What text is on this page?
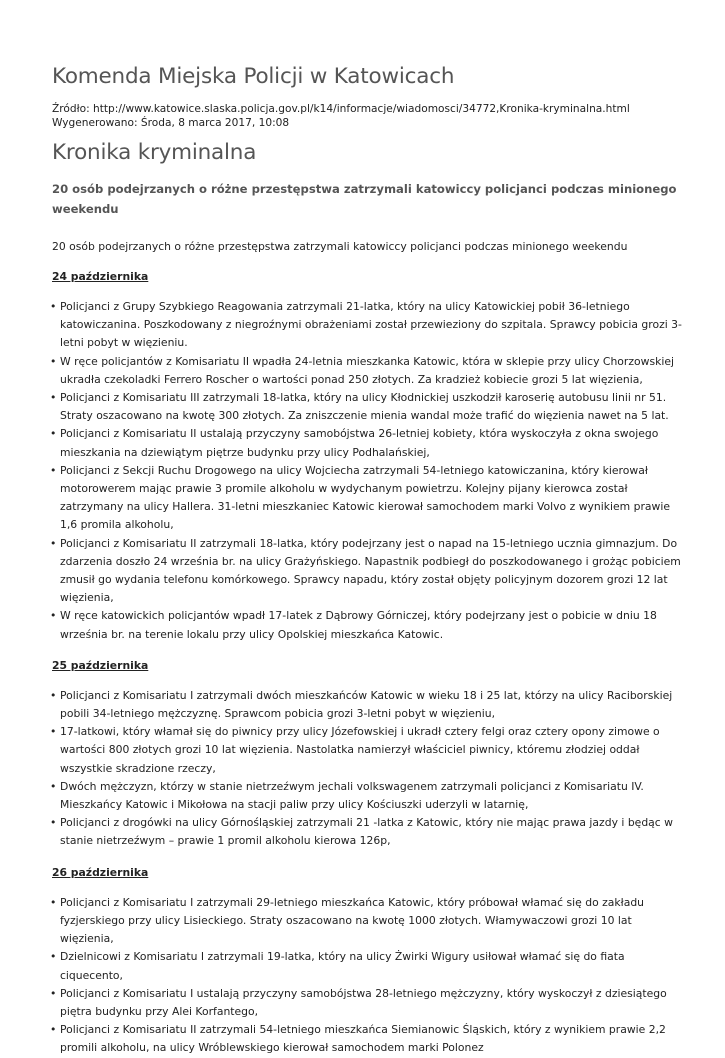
Komenda Miejska Policji w Katowicach
Źródło: http://www.katowice.slaska.policja.gov.pl/k14/informacje/wiadomosci/34772,Kronika-kryminalna.html
Wygenerowano: Środa, 8 marca 2017, 10:08
Kronika kryminalna
20 osób podejrzanych o różne przestępstwa zatrzymali katowiccy policjanci podczas minionego weekendu
20 osób podejrzanych o różne przestępstwa zatrzymali katowiccy policjanci podczas minionego weekendu
24 października
• Policjanci z Grupy Szybkiego Reagowania zatrzymali 21-latka, który na ulicy Katowickiej pobił 36-letniego katowiczanina. Poszkodowany z niegroźnymi obrażeniami został przewieziony do szpitala. Sprawcy pobicia grozi 3-letni pobyt w więzieniu.
• W ręce policjantów z Komisariatu II wpadła 24-letnia mieszkanka Katowic, która w sklepie przy ulicy Chorzowskiej ukradła czekoladki Ferrero Roscher o wartości ponad 250 złotych. Za kradzież kobiecie grozi 5 lat więzienia,
• Policjanci z Komisariatu III zatrzymali 18-latka, który na ulicy Kłodnickiej uszkodził karoserię autobusu linii nr 51. Straty oszacowano na kwotę 300 złotych. Za zniszczenie mienia wandal może trafić do więzienia nawet na 5 lat.
• Policjanci z Komisariatu II ustalają przyczyny samobójstwa 26-letniej kobiety, która wyskoczyła z okna swojego mieszkania na dziewiątym piętrze budynku przy ulicy Podhalańskiej,
• Policjanci z Sekcji Ruchu Drogowego na ulicy Wojciecha zatrzymali 54-letniego katowiczanina, który kierował motorowerem mając prawie 3 promile alkoholu w wydychanym powietrzu. Kolejny pijany kierowca został zatrzymany na ulicy Hallera. 31-letni mieszkaniec Katowic kierował samochodem marki Volvo z wynikiem prawie 1,6 promila alkoholu,
• Policjanci z Komisariatu II zatrzymali 18-latka, który podejrzany jest o napad na 15-letniego ucznia gimnazjum. Do zdarzenia doszło 24 września br. na ulicy Grażyńskiego. Napastnik podbiegł do poszkodowanego i grożąc pobiciem zmusił go wydania telefonu komórkowego. Sprawcy napadu, który został objęty policyjnym dozorem grozi 12 lat więzienia,
• W ręce katowickich policjantów wpadł 17-latek z Dąbrowy Górniczej, który podejrzany jest o pobicie w dniu 18 września br. na terenie lokalu przy ulicy Opolskiej mieszkańca Katowic.
25 października
• Policjanci z Komisariatu I zatrzymali dwóch mieszkańców Katowic w wieku 18 i 25 lat, którzy na ulicy Raciborskiej pobili 34-letniego mężczyznę. Sprawcom pobicia grozi 3-letni pobyt w więzieniu,
• 17-latkowi, który włamał się do piwnicy przy ulicy Józefowskiej i ukradł cztery felgi oraz cztery opony zimowe o wartości 800 złotych grozi 10 lat więzienia. Nastolatka namierzył właściciel piwnicy, któremu złodziej oddał wszystkie skradzione rzeczy,
• Dwóch mężczyzn, którzy w stanie nietrzeźwym jechali volkswagenem zatrzymali policjanci z Komisariatu IV. Mieszkańcy Katowic i Mikołowa na stacji paliw przy ulicy Kościuszki uderzyli w latarnię,
• Policjanci z drogówki na ulicy Górnośląskiej zatrzymali 21 -latka z Katowic, który nie mając prawa jazdy i będąc w stanie nietrzeźwym – prawie 1 promil alkoholu kierowa 126p,
26 października
• Policjanci z Komisariatu I zatrzymali 29-letniego mieszkańca Katowic, który próbował włamać się do zakładu fyzjerskiego przy ulicy Lisieckiego. Straty oszacowano na kwotę 1000 złotych. Włamywaczowi grozi 10 lat więzienia,
• Dzielnicowi z Komisariatu I zatrzymali 19-latka, który na ulicy Żwirki Wigury usiłował włamać się do fiata ciquecento,
• Policjanci z Komisariatu I ustalają przyczyny samobójstwa 28-letniego mężczyzny, który wyskoczył z dziesiątego piętra budynku przy Alei Korfantego,
• Policjanci z Komisariatu II zatrzymali 54-letniego mieszkańca Siemianowic Śląskich, który z wynikiem prawie 2,2 promili alkoholu, na ulicy Wróblewskiego kierował samochodem marki Polonez
